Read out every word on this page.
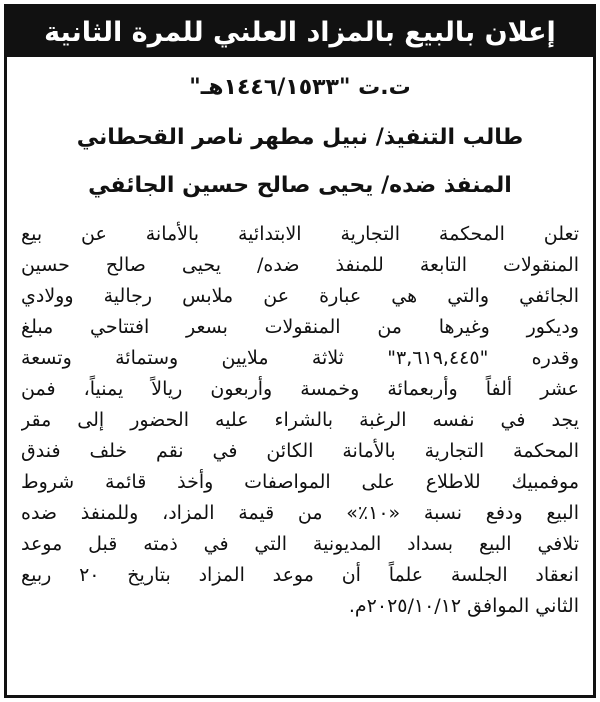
إعلان بالبيع بالمزاد العلني للمرة الثانية
ت.ت "١٤٤٦/١٥٣٣هـ"
طالب التنفيذ/ نبيل مطهر ناصر القحطاني
المنفذ ضده/ يحيى صالح حسين الجائفي
تعلن المحكمة التجارية الابتدائية بالأمانة عن بيع
المنقولات التابعة للمنفذ ضده/ يحيى صالح حسين
الجائفي والتي هي عبارة عن ملابس رجالية وولادي
وديكور وغيرها من المنقولات بسعر افتتاحي مبلغ
وقدره "٣,٦١٩,٤٤٥" ثلاثة ملايين وستمائة وتسعة
عشر ألفاً وأربعمائة وخمسة وأربعون ريالاً يمنياً، فمن
يجد في نفسه الرغبة بالشراء عليه الحضور إلى مقر
المحكمة التجارية بالأمانة الكائن في نقم خلف فندق
موفمبيك للاطلاع على المواصفات وأخذ قائمة شروط
البيع ودفع نسبة «١٠٪» من قيمة المزاد، وللمنفذ ضده
تلافي البيع بسداد المديونية التي في ذمته قبل موعد
انعقاد الجلسة علماً أن موعد المزاد بتاريخ ٢٠ ربيع
الثاني الموافق ٢٠٢٥/١٠/١٢م.
